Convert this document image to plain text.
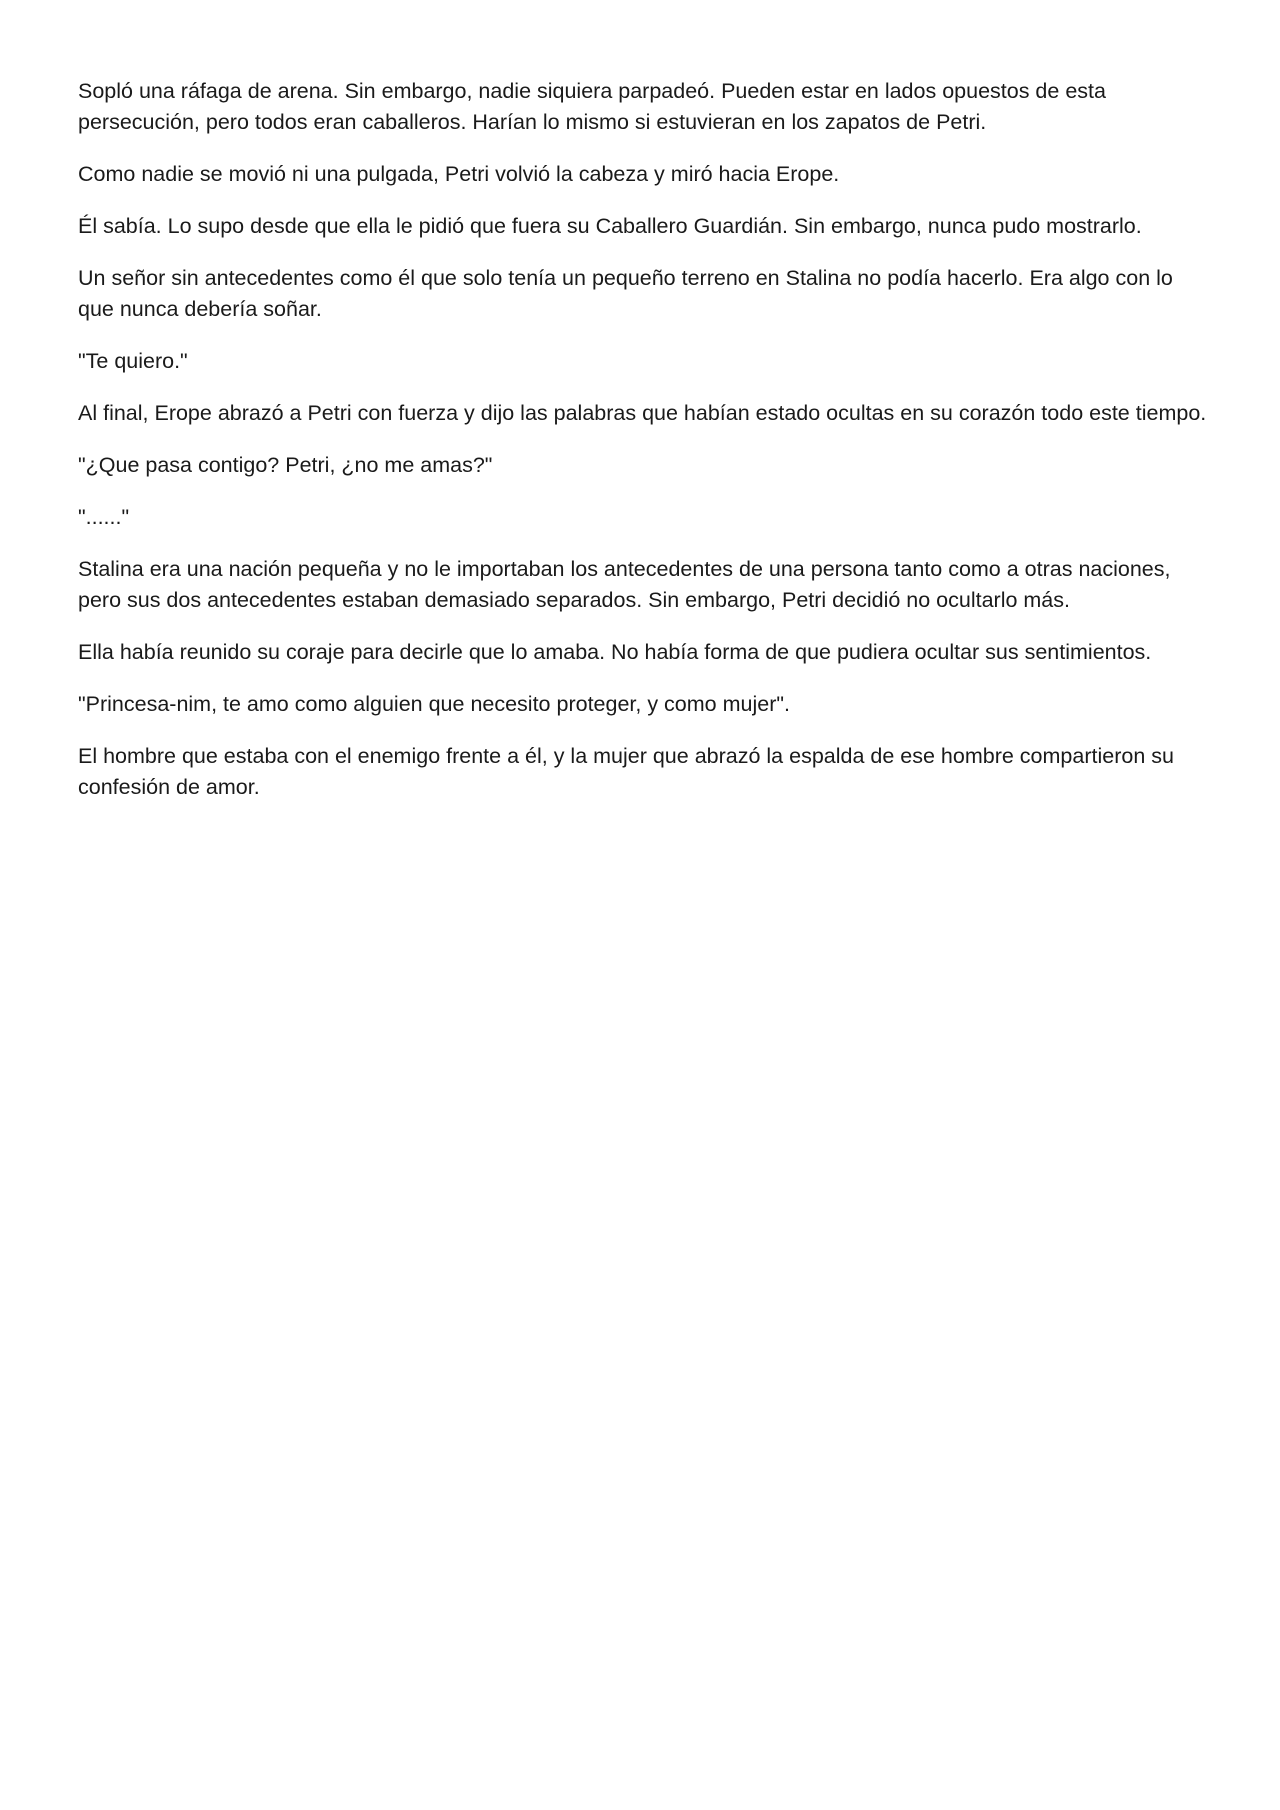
Sopló una ráfaga de arena. Sin embargo, nadie siquiera parpadeó. Pueden estar en lados opuestos de esta persecución, pero todos eran caballeros. Harían lo mismo si estuvieran en los zapatos de Petri.

Como nadie se movió ni una pulgada, Petri volvió la cabeza y miró hacia Erope.

Él sabía. Lo supo desde que ella le pidió que fuera su Caballero Guardián. Sin embargo, nunca pudo mostrarlo.

Un señor sin antecedentes como él que solo tenía un pequeño terreno en Stalina no podía hacerlo. Era algo con lo que nunca debería soñar.

"Te quiero."

Al final, Erope abrazó a Petri con fuerza y dijo las palabras que habían estado ocultas en su corazón todo este tiempo.

"¿Que pasa contigo? Petri, ¿no me amas?"

"......"

Stalina era una nación pequeña y no le importaban los antecedentes de una persona tanto como a otras naciones, pero sus dos antecedentes estaban demasiado separados. Sin embargo, Petri decidió no ocultarlo más.

Ella había reunido su coraje para decirle que lo amaba. No había forma de que pudiera ocultar sus sentimientos.

"Princesa-nim, te amo como alguien que necesito proteger, y como mujer".

El hombre que estaba con el enemigo frente a él, y la mujer que abrazó la espalda de ese hombre compartieron su confesión de amor.
